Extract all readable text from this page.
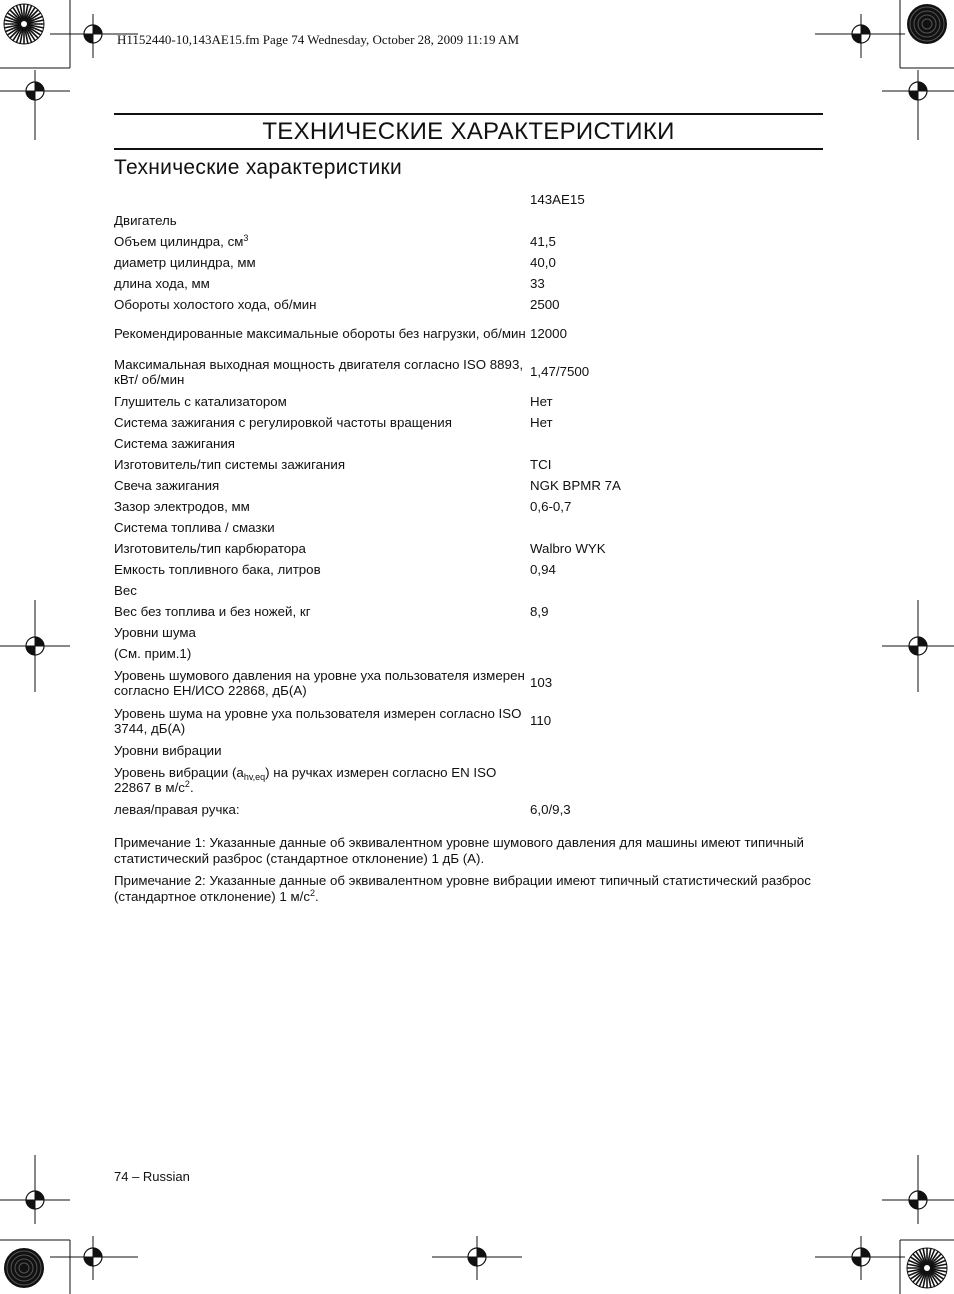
H1152440-10,143AE15.fm Page 74 Wednesday, October 28, 2009 11:19 AM
ТЕХНИЧЕСКИЕ ХАРАКТЕРИСТИКИ
Технические характеристики
	143AE15
Двигатель	
Объем цилиндра, $см^3$	41,5
диаметр цилиндра, мм	40,0
длина хода, мм	33
Обороты холостого хода, об/мин	2500
Рекомендированные максимальные обороты без нагрузки, об/мин	12000
Максимальная выходная мощность двигателя согласно ISO 8893, кВт/ об/мин	1,47/7500
Глушитель с катализатором	Нет
Система зажигания с регулировкой частоты вращения	Нет
Система зажигания	
Изготовитель/тип системы зажигания	TCI
Свеча зажигания	NGK BPMR 7A
Зазор электродов, мм	0,6-0,7
Система топлива / смазки	
Изготовитель/тип карбюратора	Walbro WYK
Емкость топливного бака, литров	0,94
Вес	
Вес без топлива и без ножей, кг	8,9
Уровни шума	
(См. прим.1)	
Уровень шумового давления на уровне уха пользователя измерен согласно ЕН/ИСО 22868, дБ(А)	103
Уровень шума на уровне уха пользователя измерен согласно ISO 3744, дБ(A)	110
Уровни вибрации	
Уровень вибрации $(a_{hv,eq})$ на ручках измерен согласно EN ISO 22867 в $м/с^2$.	
левая/правая ручка:	6,0/9,3

Примечание 1: Указанные данные об эквивалентном уровне шумового давления для машины имеют типичный статистический разброс (стандартное отклонение) 1 дБ (А).

Примечание 2: Указанные данные об эквивалентном уровне вибрации имеют типичный статистический разброс (стандартное отклонение) 1 $м/с^2$.

74 – Russian
